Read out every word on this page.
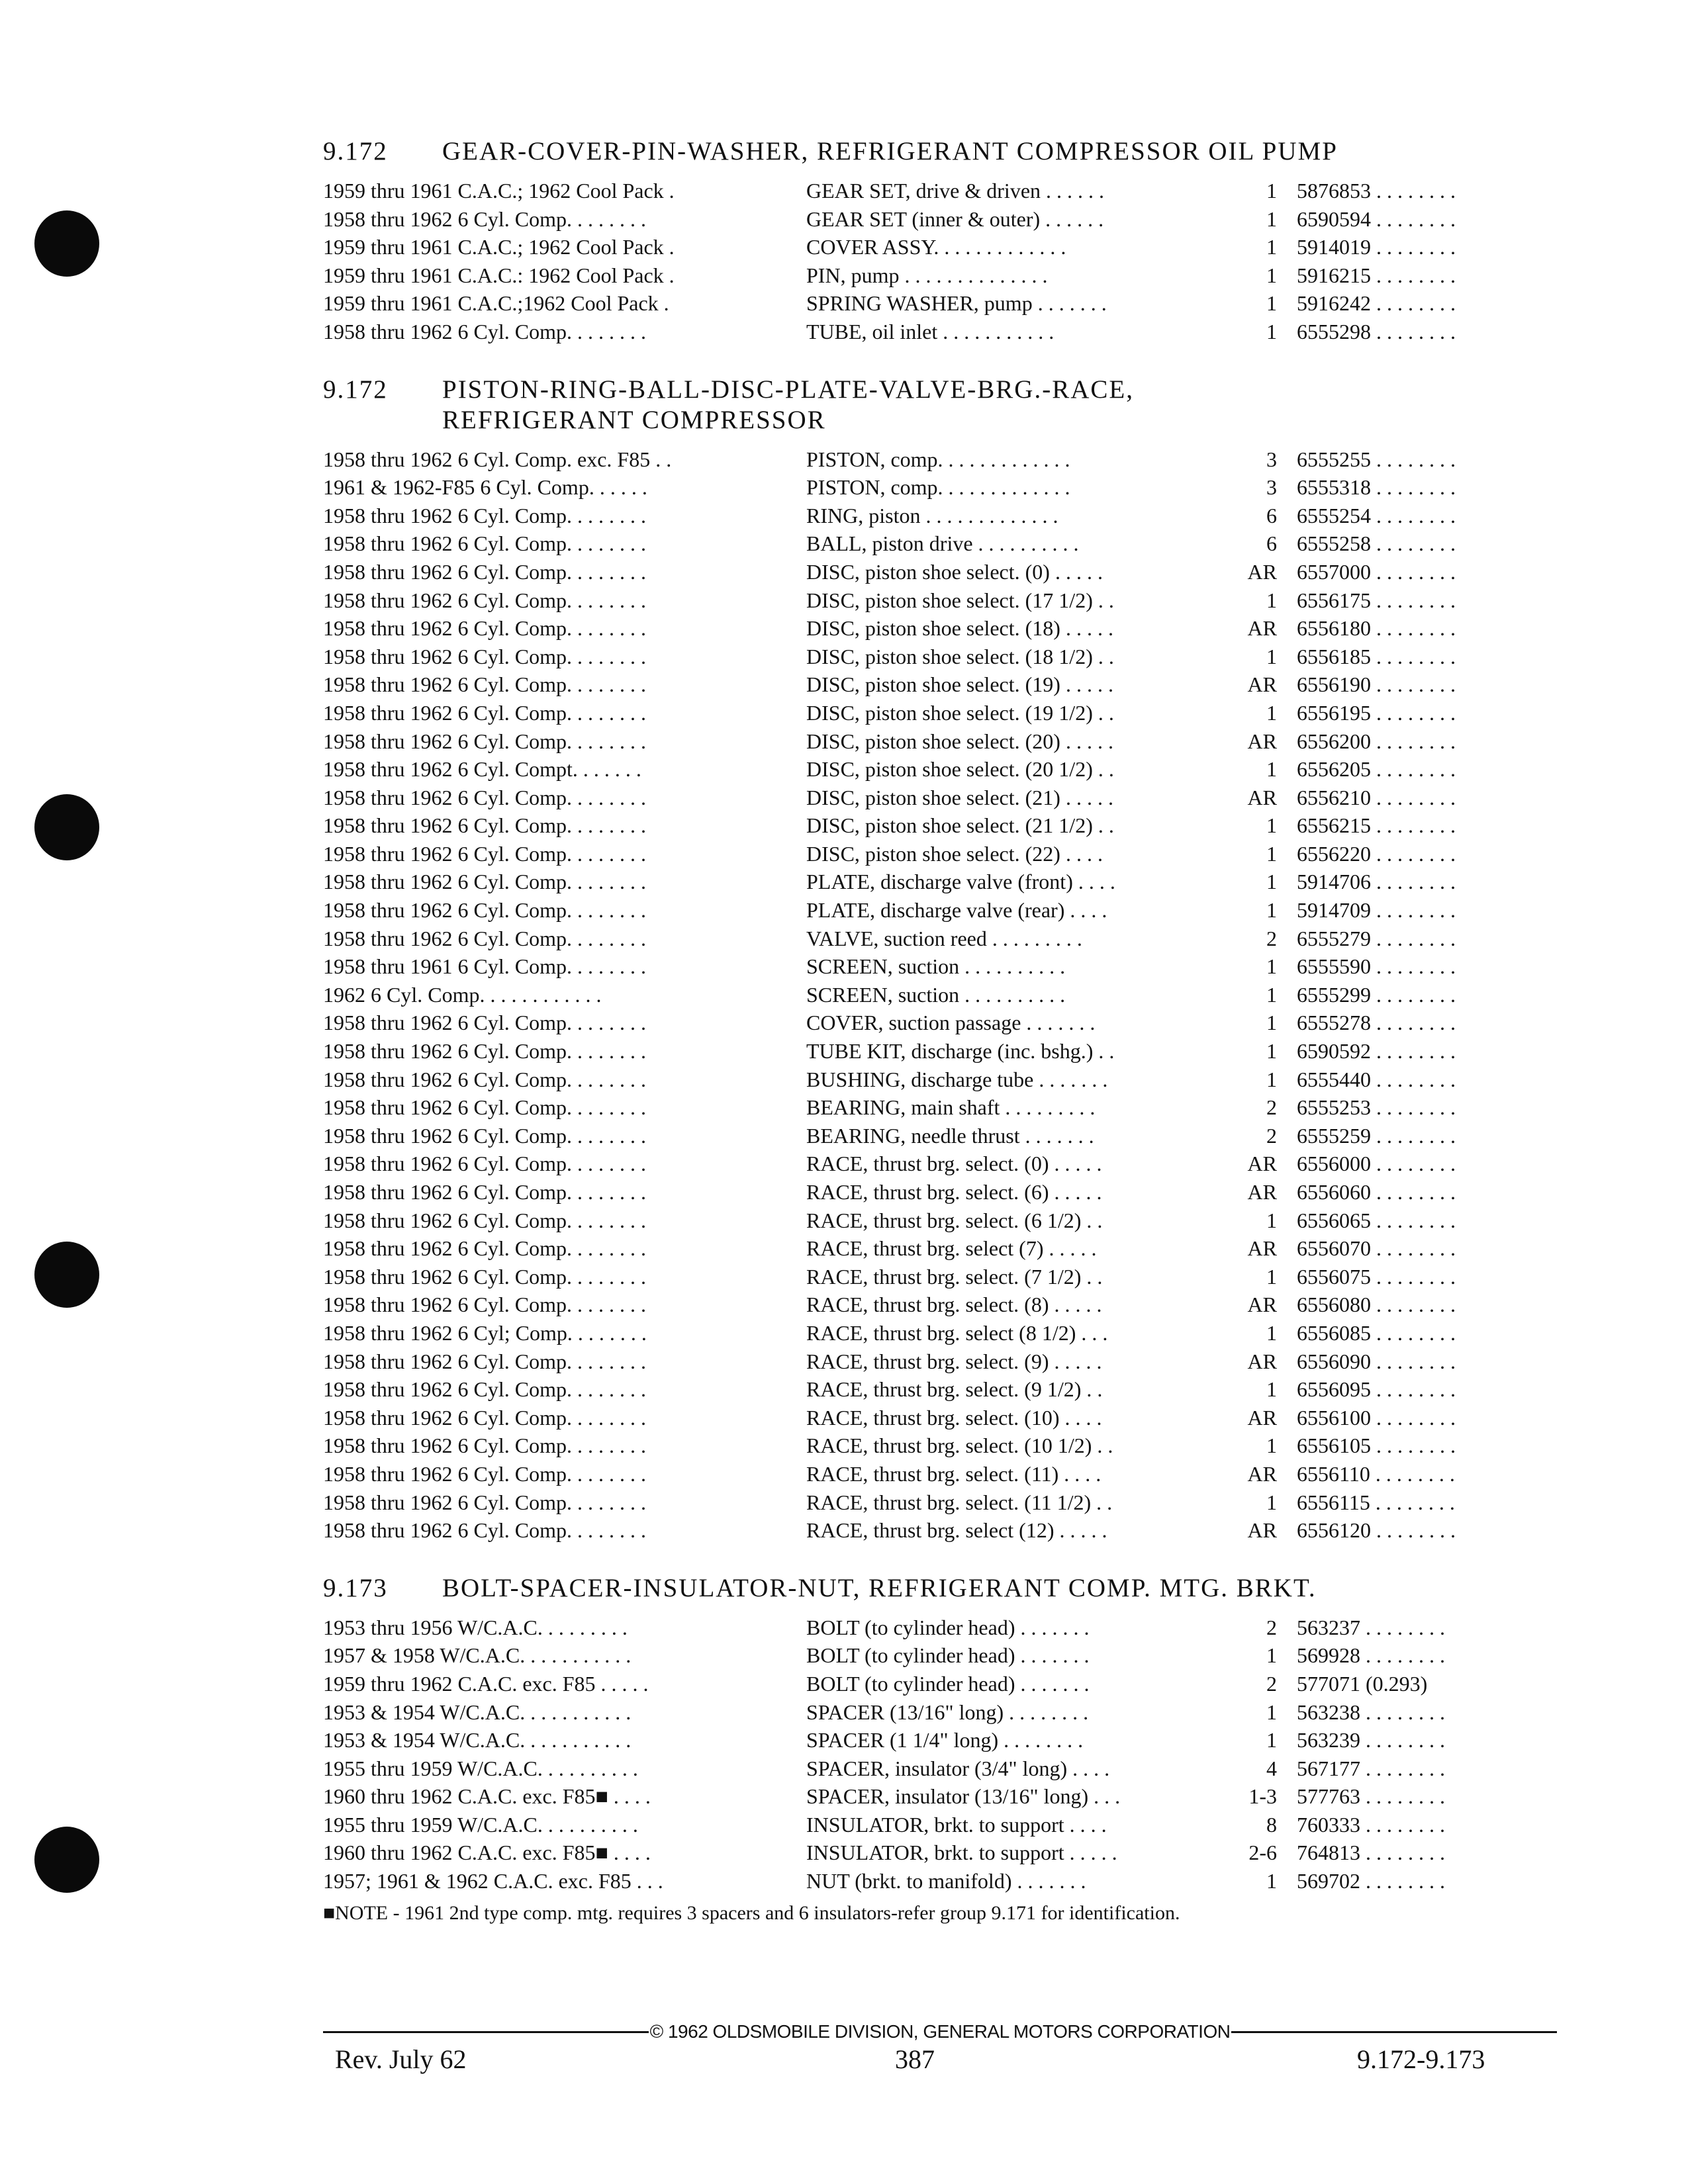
9.172	GEAR-COVER-PIN-WASHER, REFRIGERANT COMPRESSOR OIL PUMP
1959 thru 1961 C.A.C.; 1962 Cool Pack .	GEAR SET, drive & driven . . . . . .	1 5876853 . . . . . . . .
1958 thru 1962 6 Cyl. Comp. . . . . . . .	GEAR SET (inner & outer) . . . . . .	1 6590594 . . . . . . . .
1959 thru 1961 C.A.C.; 1962 Cool Pack .	COVER ASSY. . . . . . . . . . . . .	1 5914019 . . . . . . . .
1959 thru 1961 C.A.C.: 1962 Cool Pack .	PIN, pump . . . . . . . . . . . . . .	1 5916215 . . . . . . . .
1959 thru 1961 C.A.C.;1962 Cool Pack .	SPRING WASHER, pump . . . . . . .	1 5916242 . . . . . . . .
1958 thru 1962 6 Cyl. Comp. . . . . . . .	TUBE, oil inlet . . . . . . . . . . .	1 6555298 . . . . . . . .
9.172	PISTON-RING-BALL-DISC-PLATE-VALVE-BRG.-RACE,
REFRIGERANT COMPRESSOR
1958 thru 1962 6 Cyl. Comp. exc. F85 . .	PISTON, comp. . . . . . . . . . . . .	3 6555255 . . . . . . . .
1961 & 1962-F85 6 Cyl. Comp. . . . . .	PISTON, comp. . . . . . . . . . . . .	3 6555318 . . . . . . . .
1958 thru 1962 6 Cyl. Comp. . . . . . . .	RING, piston . . . . . . . . . . . . .	6 6555254 . . . . . . . .
1958 thru 1962 6 Cyl. Comp. . . . . . . .	BALL, piston drive . . . . . . . . . .	6 6555258 . . . . . . . .
1958 thru 1962 6 Cyl. Comp. . . . . . . .	DISC, piston shoe select. (0) . . . . .	AR 6557000 . . . . . . . .
1958 thru 1962 6 Cyl. Comp. . . . . . . .	DISC, piston shoe select. (17 1/2) . .	1 6556175 . . . . . . . .
1958 thru 1962 6 Cyl. Comp. . . . . . . .	DISC, piston shoe select. (18) . . . . .	AR 6556180 . . . . . . . .
1958 thru 1962 6 Cyl. Comp. . . . . . . .	DISC, piston shoe select. (18 1/2) . .	1 6556185 . . . . . . . .
1958 thru 1962 6 Cyl. Comp. . . . . . . .	DISC, piston shoe select. (19) . . . . .	AR 6556190 . . . . . . . .
1958 thru 1962 6 Cyl. Comp. . . . . . . .	DISC, piston shoe select. (19 1/2) . .	1 6556195 . . . . . . . .
1958 thru 1962 6 Cyl. Comp. . . . . . . .	DISC, piston shoe select. (20) . . . . .	AR 6556200 . . . . . . . .
1958 thru 1962 6 Cyl. Compt. . . . . . .	DISC, piston shoe select. (20 1/2) . .	1 6556205 . . . . . . . .
1958 thru 1962 6 Cyl. Comp. . . . . . . .	DISC, piston shoe select. (21) . . . . .	AR 6556210 . . . . . . . .
1958 thru 1962 6 Cyl. Comp. . . . . . . .	DISC, piston shoe select. (21 1/2) . .	1 6556215 . . . . . . . .
1958 thru 1962 6 Cyl. Comp. . . . . . . .	DISC, piston shoe select. (22) . . . .	1 6556220 . . . . . . . .
1958 thru 1962 6 Cyl. Comp. . . . . . . .	PLATE, discharge valve (front) . . . .	1 5914706 . . . . . . . .
1958 thru 1962 6 Cyl. Comp. . . . . . . .	PLATE, discharge valve (rear) . . . .	1 5914709 . . . . . . . .
1958 thru 1962 6 Cyl. Comp. . . . . . . .	VALVE, suction reed . . . . . . . . .	2 6555279 . . . . . . . .
1958 thru 1961 6 Cyl. Comp. . . . . . . .	SCREEN, suction . . . . . . . . . .	1 6555590 . . . . . . . .
1962 6 Cyl. Comp. . . . . . . . . . . .	SCREEN, suction . . . . . . . . . .	1 6555299 . . . . . . . .
1958 thru 1962 6 Cyl. Comp. . . . . . . .	COVER, suction passage . . . . . . .	1 6555278 . . . . . . . .
1958 thru 1962 6 Cyl. Comp. . . . . . . .	TUBE KIT, discharge (inc. bshg.) . .	1 6590592 . . . . . . . .
1958 thru 1962 6 Cyl. Comp. . . . . . . .	BUSHING, discharge tube . . . . . . .	1 6555440 . . . . . . . .
1958 thru 1962 6 Cyl. Comp. . . . . . . .	BEARING, main shaft . . . . . . . . .	2 6555253 . . . . . . . .
1958 thru 1962 6 Cyl. Comp. . . . . . . .	BEARING, needle thrust . . . . . . .	2 6555259 . . . . . . . .
1958 thru 1962 6 Cyl. Comp. . . . . . . .	RACE, thrust brg. select. (0) . . . . .	AR 6556000 . . . . . . . .
1958 thru 1962 6 Cyl. Comp. . . . . . . .	RACE, thrust brg. select. (6) . . . . .	AR 6556060 . . . . . . . .
1958 thru 1962 6 Cyl. Comp. . . . . . . .	RACE, thrust brg. select. (6 1/2) . .	1 6556065 . . . . . . . .
1958 thru 1962 6 Cyl. Comp. . . . . . . .	RACE, thrust brg. select (7) . . . . .	AR 6556070 . . . . . . . .
1958 thru 1962 6 Cyl. Comp. . . . . . . .	RACE, thrust brg. select. (7 1/2) . .	1 6556075 . . . . . . . .
1958 thru 1962 6 Cyl. Comp. . . . . . . .	RACE, thrust brg. select. (8) . . . . .	AR 6556080 . . . . . . . .
1958 thru 1962 6 Cyl; Comp. . . . . . . .	RACE, thrust brg. select (8 1/2) . . .	1 6556085 . . . . . . . .
1958 thru 1962 6 Cyl. Comp. . . . . . . .	RACE, thrust brg. select. (9) . . . . .	AR 6556090 . . . . . . . .
1958 thru 1962 6 Cyl. Comp. . . . . . . .	RACE, thrust brg. select. (9 1/2) . .	1 6556095 . . . . . . . .
1958 thru 1962 6 Cyl. Comp. . . . . . . .	RACE, thrust brg. select. (10) . . . .	AR 6556100 . . . . . . . .
1958 thru 1962 6 Cyl. Comp. . . . . . . .	RACE, thrust brg. select. (10 1/2) . .	1 6556105 . . . . . . . .
1958 thru 1962 6 Cyl. Comp. . . . . . . .	RACE, thrust brg. select. (11) . . . .	AR 6556110 . . . . . . . .
1958 thru 1962 6 Cyl. Comp. . . . . . . .	RACE, thrust brg. select. (11 1/2) . .	1 6556115 . . . . . . . .
1958 thru 1962 6 Cyl. Comp. . . . . . . .	RACE, thrust brg. select (12) . . . . .	AR 6556120 . . . . . . . .
9.173	BOLT-SPACER-INSULATOR-NUT, REFRIGERANT COMP. MTG. BRKT.
1953 thru 1956 W/C.A.C. . . . . . . . .	BOLT (to cylinder head) . . . . . . .	2 563237 . . . . . . . .
1957 & 1958 W/C.A.C. . . . . . . . . . .	BOLT (to cylinder head) . . . . . . .	1 569928 . . . . . . . .
1959 thru 1962 C.A.C. exc. F85 . . . . .	BOLT (to cylinder head) . . . . . . .	2 577071 (0.293)
1953 & 1954 W/C.A.C. . . . . . . . . . .	SPACER (13/16" long) . . . . . . . .	1 563238 . . . . . . . .
1953 & 1954 W/C.A.C. . . . . . . . . . .	SPACER (1 1/4" long) . . . . . . . .	1 563239 . . . . . . . .
1955 thru 1959 W/C.A.C. . . . . . . . . .	SPACER, insulator (3/4" long) . . . .	4 567177 . . . . . . . .
1960 thru 1962 C.A.C. exc. F85■ . . . .	SPACER, insulator (13/16" long) . . .	1-3 577763 . . . . . . . .
1955 thru 1959 W/C.A.C. . . . . . . . . .	INSULATOR, brkt. to support . . . .	8 760333 . . . . . . . .
1960 thru 1962 C.A.C. exc. F85■ . . . .	INSULATOR, brkt. to support . . . . .	2-6 764813 . . . . . . . .
1957; 1961 & 1962 C.A.C. exc. F85 . . .	NUT (brkt. to manifold) . . . . . . .	1 569702 . . . . . . . .
■NOTE - 1961 2nd type comp. mtg. requires 3 spacers and 6 insulators-refer group 9.171 for identification.
© 1962 OLDSMOBILE DIVISION, GENERAL MOTORS CORPORATION
Rev. July 62	387	9.172-9.173
